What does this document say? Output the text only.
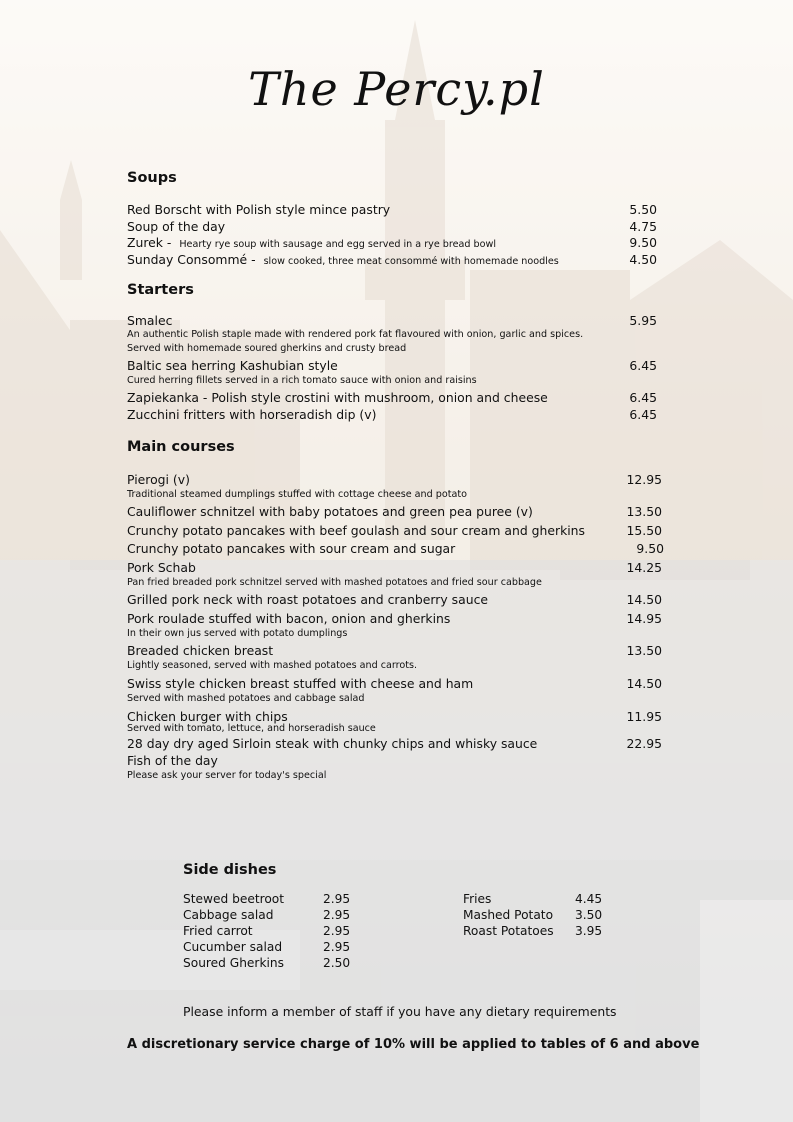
The Percy.pl
Soups
Red Borscht with Polish style mince pastry	5.50
Soup of the day	4.75
Zurek - Hearty rye soup with sausage and egg served in a rye bread bowl	9.50
Sunday Consommé - slow cooked, three meat consommé with homemade noodles	4.50
Starters
Smalec	5.95
An authentic Polish staple made with rendered pork fat flavoured with onion, garlic and spices.
Served with homemade soured gherkins and crusty bread
Baltic sea herring Kashubian style	6.45
Cured herring fillets served in a rich tomato sauce with onion and raisins
Zapiekanka - Polish style crostini with mushroom, onion and cheese	6.45
Zucchini fritters with horseradish dip (v)	6.45
Main courses
Pierogi (v)	12.95
Traditional steamed dumplings stuffed with cottage cheese and potato
Cauliflower schnitzel with baby potatoes and green pea puree (v)	13.50
Crunchy potato pancakes with beef goulash and sour cream and gherkins	15.50
Crunchy potato pancakes with sour cream and sugar	9.50
Pork Schab	14.25
Pan fried breaded pork schnitzel served with mashed potatoes and fried sour cabbage
Grilled pork neck with roast potatoes and cranberry sauce	14.50
Pork roulade stuffed with bacon, onion and gherkins	14.95
In their own jus served with potato dumplings
Breaded chicken breast	13.50
Lightly seasoned, served with mashed potatoes and carrots.
Swiss style chicken breast stuffed with cheese and ham	14.50
Served with mashed potatoes and cabbage salad
Chicken burger with chips	11.95
Served with tomato, lettuce, and horseradish sauce
28 day dry aged Sirloin steak with chunky chips and whisky sauce	22.95
Fish of the day
Please ask your server for today's special
Side dishes
Stewed beetroot	2.95
Cabbage salad	2.95
Fried carrot	2.95
Cucumber salad	2.95
Soured Gherkins	2.50
Fries	4.45
Mashed Potato 3.50
Roast Potatoes 3.95
Please inform a member of staff if you have any dietary requirements
A discretionary service charge of 10% will be applied to tables of 6 and above
